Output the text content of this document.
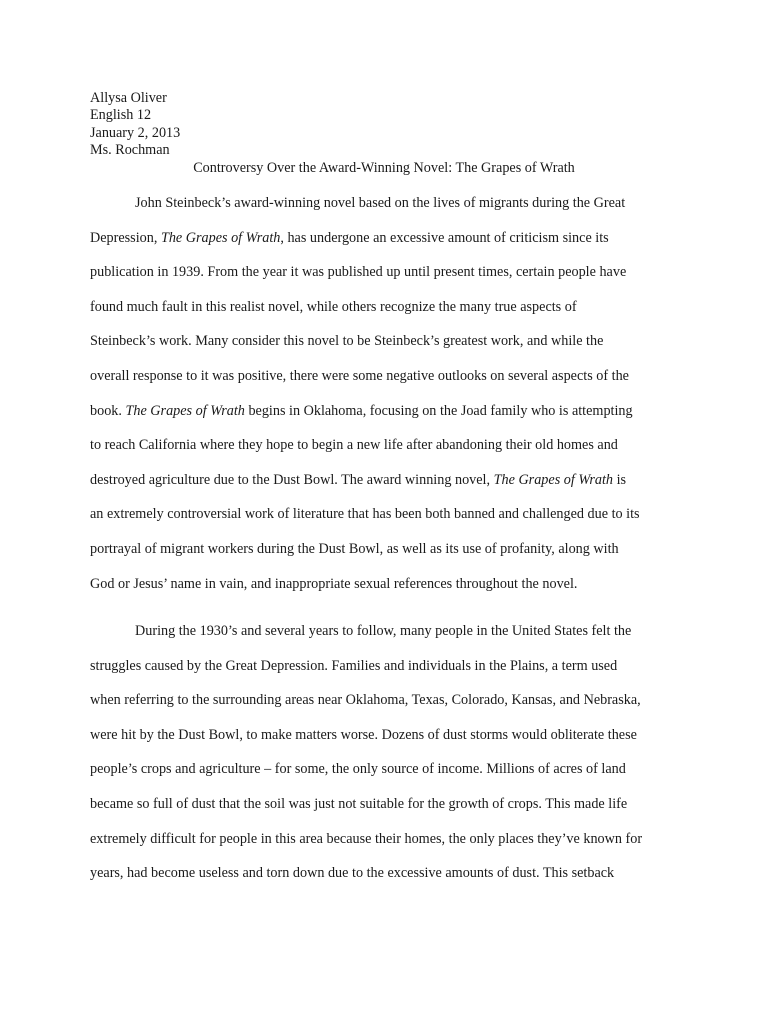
Allysa Oliver
English 12
January 2, 2013
Ms. Rochman
Controversy Over the Award-Winning Novel: The Grapes of Wrath
John Steinbeck’s award-winning novel based on the lives of migrants during the Great
Depression, The Grapes of Wrath, has undergone an excessive amount of criticism since its
publication in 1939. From the year it was published up until present times, certain people have
found much fault in this realist novel, while others recognize the many true aspects of
Steinbeck’s work. Many consider this novel to be Steinbeck’s greatest work, and while the
overall response to it was positive, there were some negative outlooks on several aspects of the
book. The Grapes of Wrath begins in Oklahoma, focusing on the Joad family who is attempting
to reach California where they hope to begin a new life after abandoning their old homes and
destroyed agriculture due to the Dust Bowl. The award winning novel, The Grapes of Wrath is
an extremely controversial work of literature that has been both banned and challenged due to its
portrayal of migrant workers during the Dust Bowl, as well as its use of profanity, along with
God or Jesus’ name in vain, and inappropriate sexual references throughout the novel.
During the 1930’s and several years to follow, many people in the United States felt the
struggles caused by the Great Depression. Families and individuals in the Plains, a term used
when referring to the surrounding areas near Oklahoma, Texas, Colorado, Kansas, and Nebraska,
were hit by the Dust Bowl, to make matters worse. Dozens of dust storms would obliterate these
people’s crops and agriculture – for some, the only source of income. Millions of acres of land
became so full of dust that the soil was just not suitable for the growth of crops. This made life
extremely difficult for people in this area because their homes, the only places they’ve known for
years, had become useless and torn down due to the excessive amounts of dust. This setback
